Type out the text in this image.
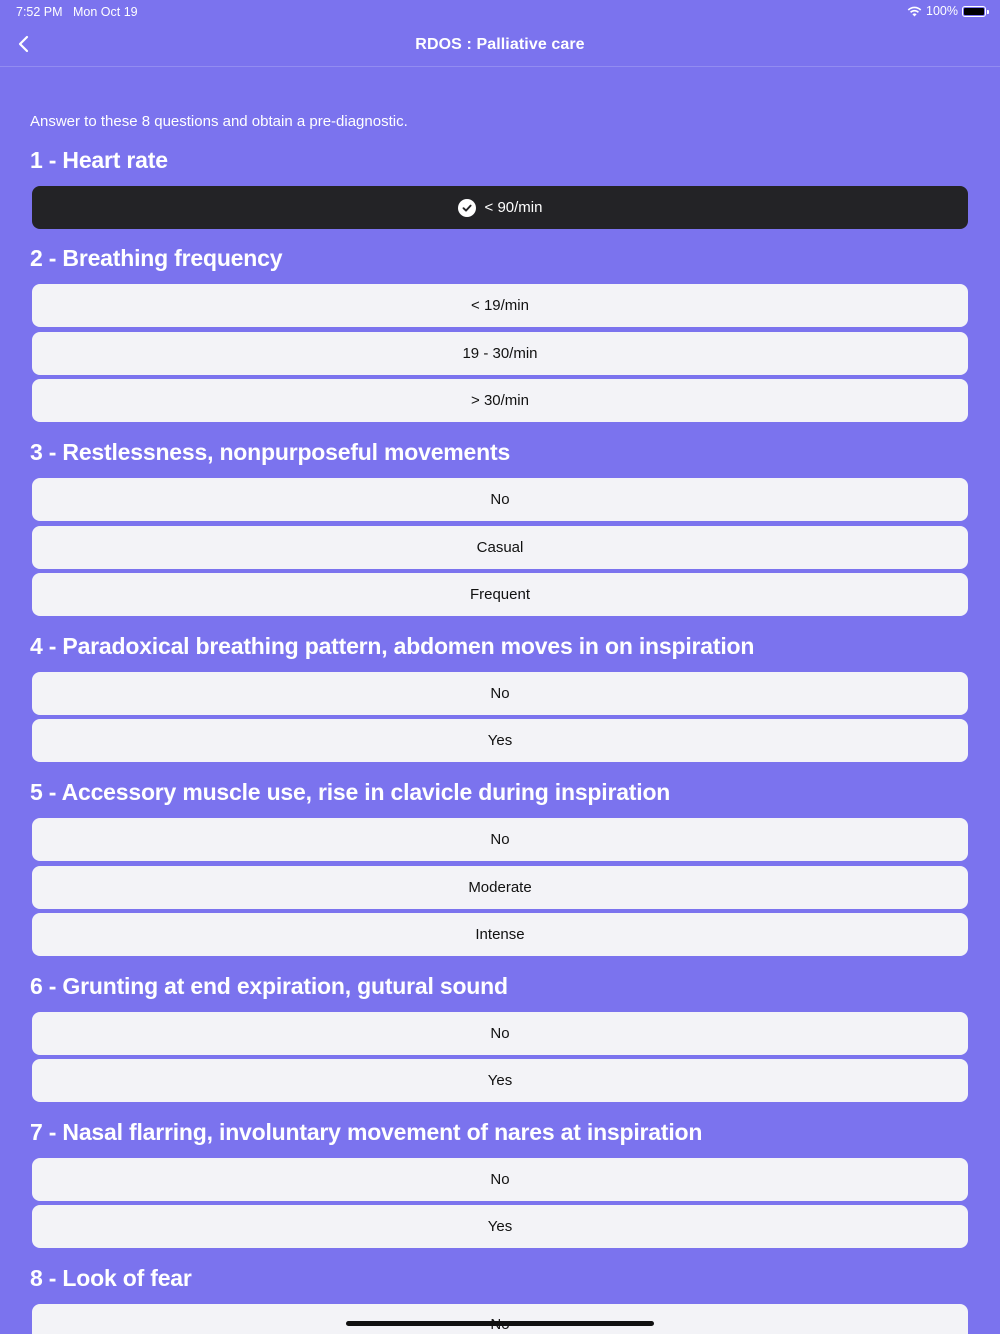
7:52 PM Mon Oct 19	100%
RDOS : Palliative care
Answer to these 8 questions and obtain a pre-diagnostic.
1 - Heart rate
< 90/min
2 - Breathing frequency
< 19/min
19 - 30/min
> 30/min
3 - Restlessness, nonpurposeful movements
No
Casual
Frequent
4 - Paradoxical breathing pattern, abdomen moves in on inspiration
No
Yes
5 - Accessory muscle use, rise in clavicle during inspiration
No
Moderate
Intense
6 - Grunting at end expiration, gutural sound
No
Yes
7 - Nasal flarring, involuntary movement of nares at inspiration
No
Yes
8 - Look of fear
